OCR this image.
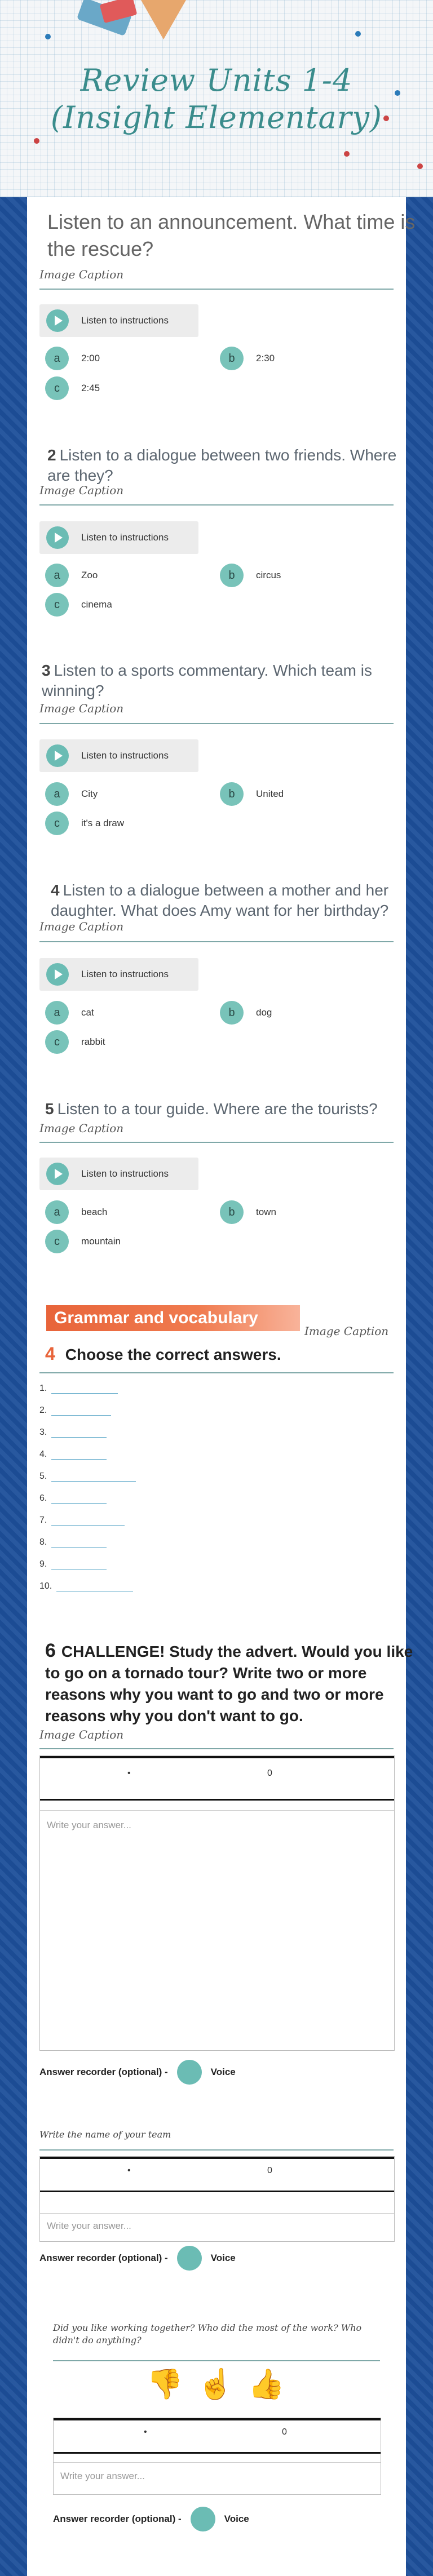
Review Units 1-4 (Insight Elementary)
Listen to an announcement. What time is the rescue?
Image Caption
Listen to instructions
a	2:00	b	2:30
c	2:45
2 Listen to a dialogue between two friends. Where are they?
Image Caption
Listen to instructions
a	Zoo	b	circus
c	cinema
3 Listen to a sports commentary. Which team is winning?
Image Caption
Listen to instructions
a	City	b	United
c	it's a draw
4 Listen to a dialogue between a mother and her daughter. What does Amy want for her birthday?
Image Caption
Listen to instructions
a	cat	b	dog
c	rabbit
5 Listen to a tour guide. Where are the tourists?
Image Caption
Listen to instructions
a	beach	b	town
c	mountain
Grammar and vocabulary
Image Caption
4 Choose the correct answers.
1.
2.
3.
4.
5.
6.
7.
8.
9.
10.
6 CHALLENGE! Study the advert. Would you like to go on a tornado tour? Write two or more reasons why you want to go and two or more reasons why you don't want to go.
Image Caption
•	0
Write your answer...
Answer recorder (optional) -	Voice
Write the name of your team
•	0
Write your answer...
Answer recorder (optional) -	Voice
Did you like working together? Who did the most of the work? Who didn't do anything?
👎 ☝ 👍
•	0
Write your answer...
Answer recorder (optional) -	Voice
